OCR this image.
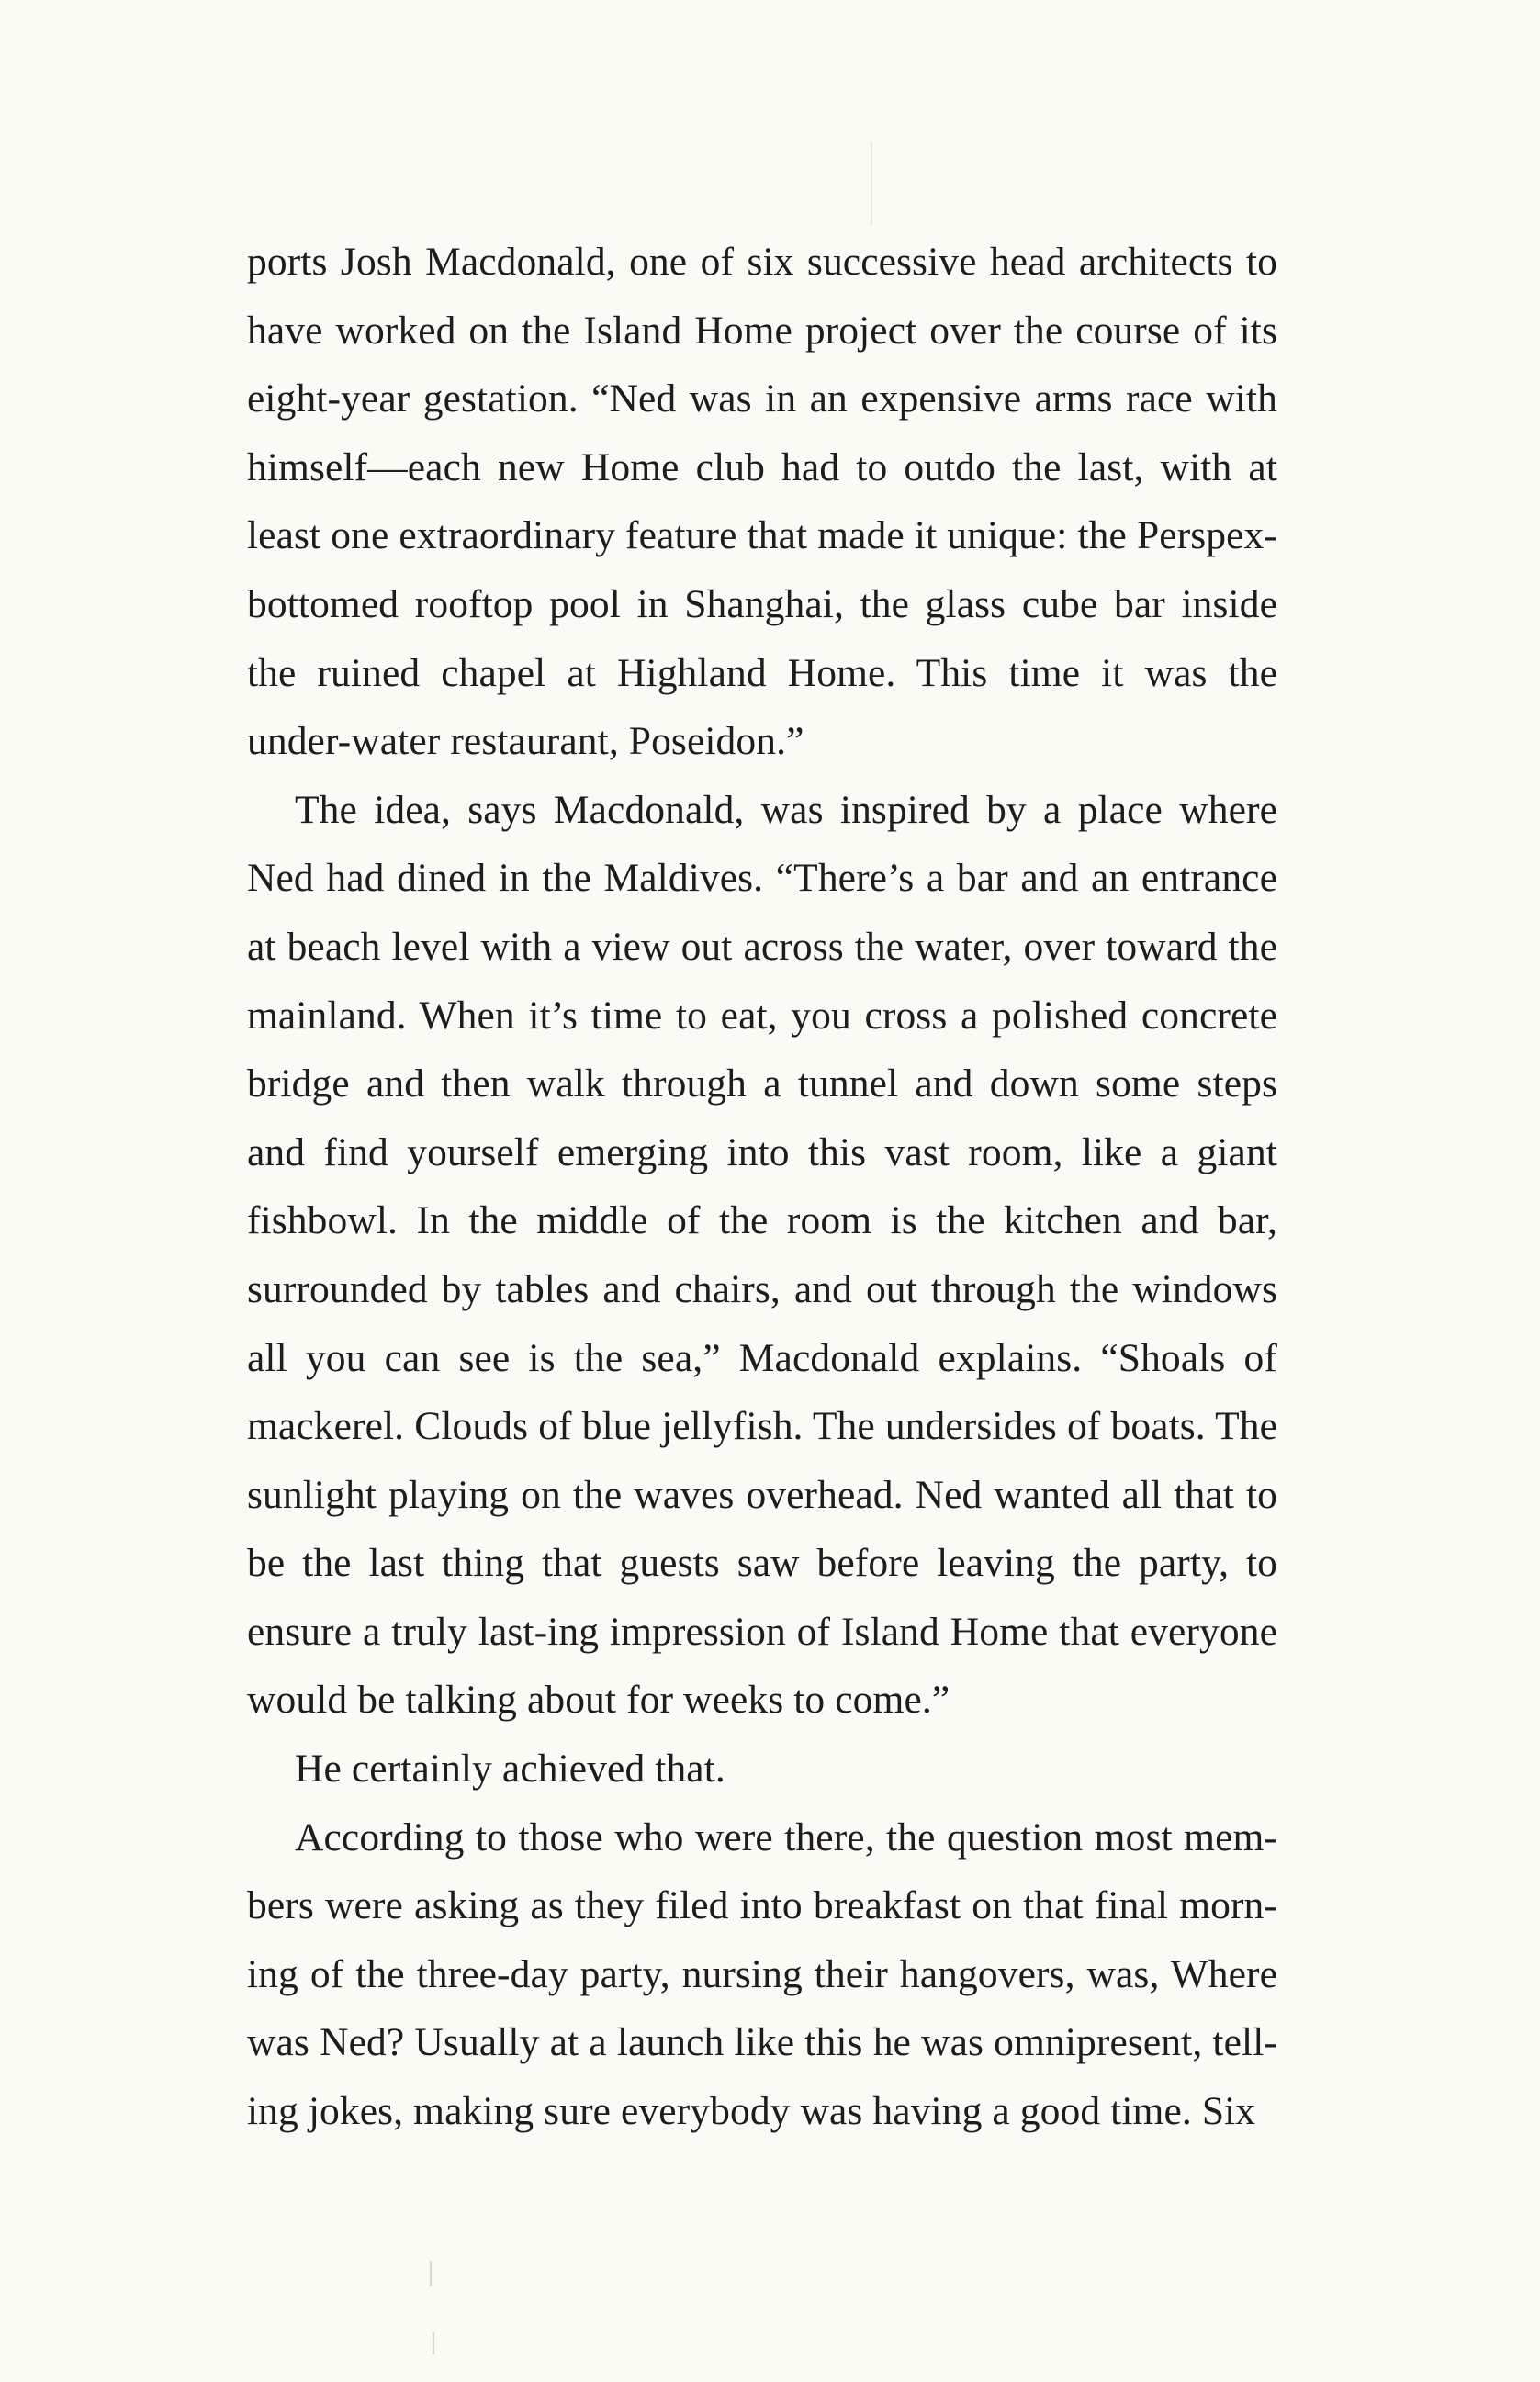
ports Josh Macdonald, one of six successive head architects to have worked on the Island Home project over the course of its eight-year gestation. “Ned was in an expensive arms race with himself—each new Home club had to outdo the last, with at least one extraordinary feature that made it unique: the Perspex-bottomed rooftop pool in Shanghai, the glass cube bar inside the ruined chapel at Highland Home. This time it was the under-water restaurant, Poseidon.”

The idea, says Macdonald, was inspired by a place where Ned had dined in the Maldives. “There’s a bar and an entrance at beach level with a view out across the water, over toward the mainland. When it’s time to eat, you cross a polished concrete bridge and then walk through a tunnel and down some steps and find yourself emerging into this vast room, like a giant fishbowl. In the middle of the room is the kitchen and bar, surrounded by tables and chairs, and out through the windows all you can see is the sea,” Macdonald explains. “Shoals of mackerel. Clouds of blue jellyfish. The undersides of boats. The sunlight playing on the waves overhead. Ned wanted all that to be the last thing that guests saw before leaving the party, to ensure a truly last-ing impression of Island Home that everyone would be talking about for weeks to come.”

He certainly achieved that.

According to those who were there, the question most mem-bers were asking as they filed into breakfast on that final morn-ing of the three-day party, nursing their hangovers, was, Where was Ned? Usually at a launch like this he was omnipresent, tell-ing jokes, making sure everybody was having a good time. Six
